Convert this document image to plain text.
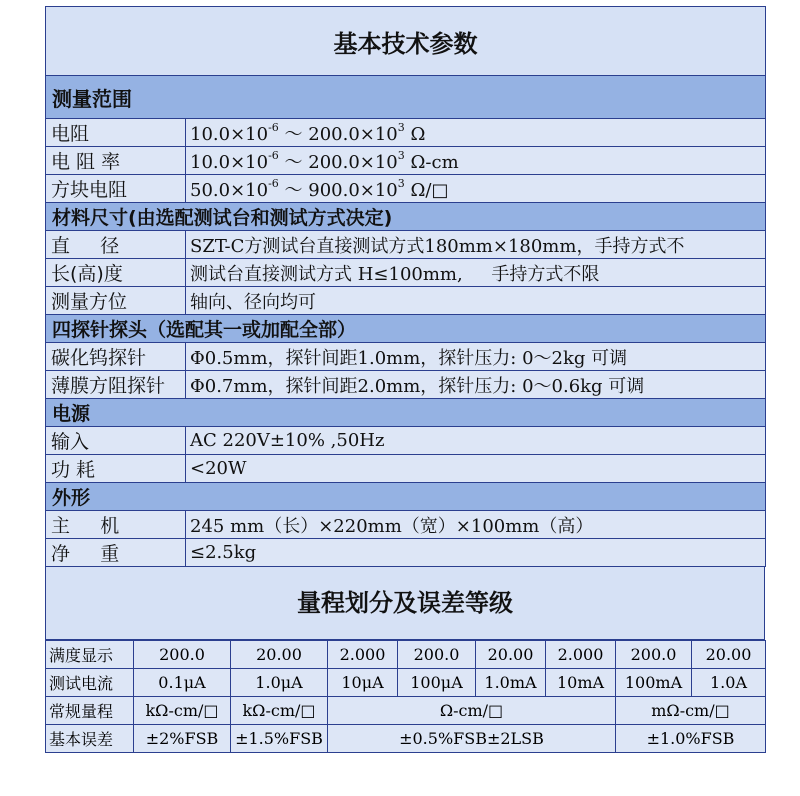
基本技术参数	
测量范围	
电阻	$10.0\times 10^{-6}$ ～ $200.0\times 10^3$ Ω
电 阻 率	$10.0\times 10^{-6}$ ～ $200.0\times 10^3$ Ω-cm
方块电阻	$50.0\times 10^{-6}$ ～ $900.0\times 10^3$ Ω/□
材料尺寸(由选配测试台和测试方式决定)	
直     径	SZT-C方测试台直接测试方式180mm×180mm，手持方式不
长(高)度	测试台直接测试方式 H≤100mm,     手持方式不限
测量方位	轴向、径向均可
四探针探头（选配其一或加配全部）	
碳化钨探针	Φ0.5mm，探针间距1.0mm，探针压力: 0～2kg 可调
薄膜方阻探针	Φ0.7mm，探针间距2.0mm，探针压力: 0～0.6kg 可调
电源	
输入	AC 220V±10% ,50Hz
功 耗	<20W
外形	
主     机	245 mm（长）×220mm（宽）×100mm（高）
净     重	≤2.5kg
量程划分及误差等级
满度显示	200.0	20.00	2.000	200.0	20.00	2.000	200.0	20.00
测试电流	0.1μA	1.0μA	10μA	100μA	1.0mA	10mA	100mA	1.0A
常规量程	kΩ-cm/□	kΩ-cm/□	Ω-cm/□				mΩ-cm/□	
基本误差	±2%FSB	±1.5%FSB	±0.5%FSB±2LSB				±1.0%FSB	
